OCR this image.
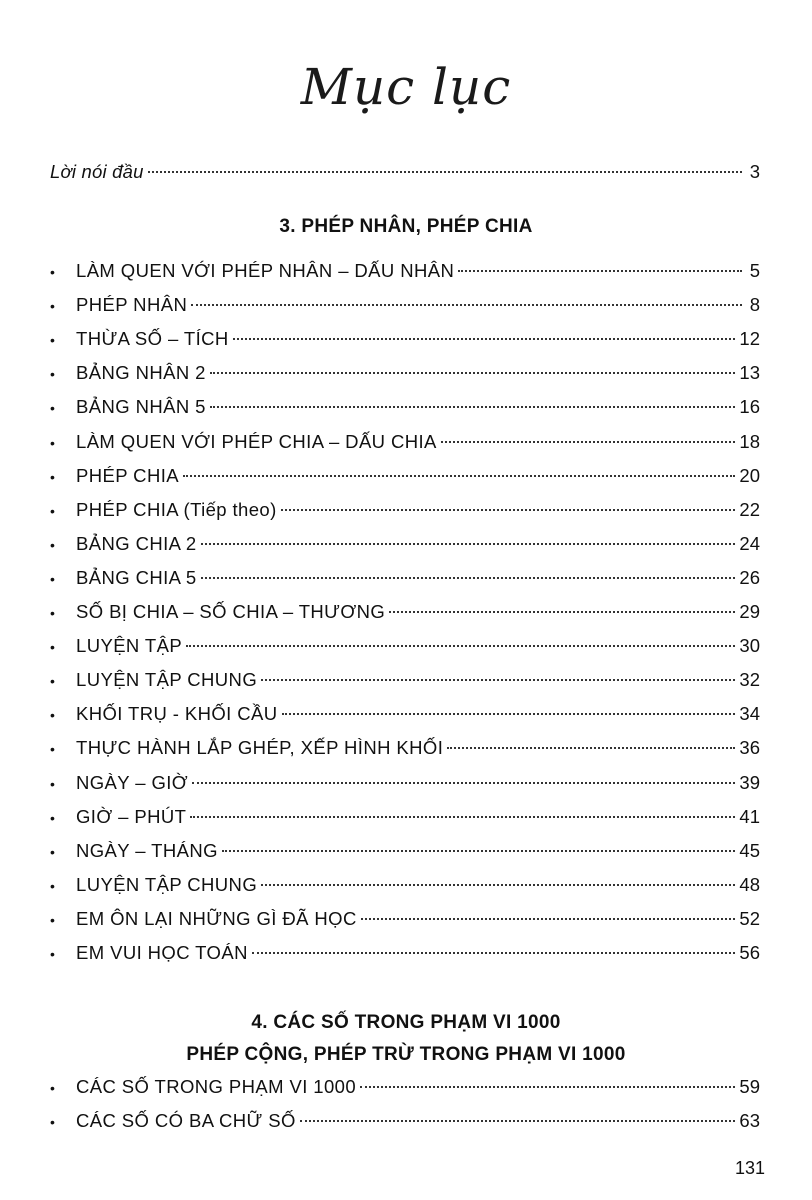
Mục lục
Lời nói đầu	3
3. PHÉP NHÂN, PHÉP CHIA
•	LÀM QUEN VỚI PHÉP NHÂN – DẤU NHÂN	5
•	PHÉP NHÂN	8
•	THỪA SỐ – TÍCH	12
•	BẢNG NHÂN 2	13
•	BẢNG NHÂN 5	16
•	LÀM QUEN VỚI PHÉP CHIA – DẤU CHIA	18
•	PHÉP CHIA	20
•	PHÉP CHIA (Tiếp theo)	22
•	BẢNG CHIA 2	24
•	BẢNG CHIA 5	26
•	SỐ BỊ CHIA – SỐ CHIA – THƯƠNG	29
•	LUYỆN TẬP	30
•	LUYỆN TẬP CHUNG	32
•	KHỐI TRỤ - KHỐI CẦU	34
•	THỰC HÀNH LẮP GHÉP, XẾP HÌNH KHỐI	36
•	NGÀY – GIỜ	39
•	GIỜ – PHÚT	41
•	NGÀY – THÁNG	45
•	LUYỆN TẬP CHUNG	48
•	EM ÔN LẠI NHỮNG GÌ ĐÃ HỌC	52
•	EM VUI HỌC TOÁN	56
4. CÁC SỐ TRONG PHẠM VI 1000
PHÉP CỘNG, PHÉP TRỪ TRONG PHẠM VI 1000
•	CÁC SỐ TRONG PHẠM VI 1000	59
•	CÁC SỐ CÓ BA CHỮ SỐ	63
131
